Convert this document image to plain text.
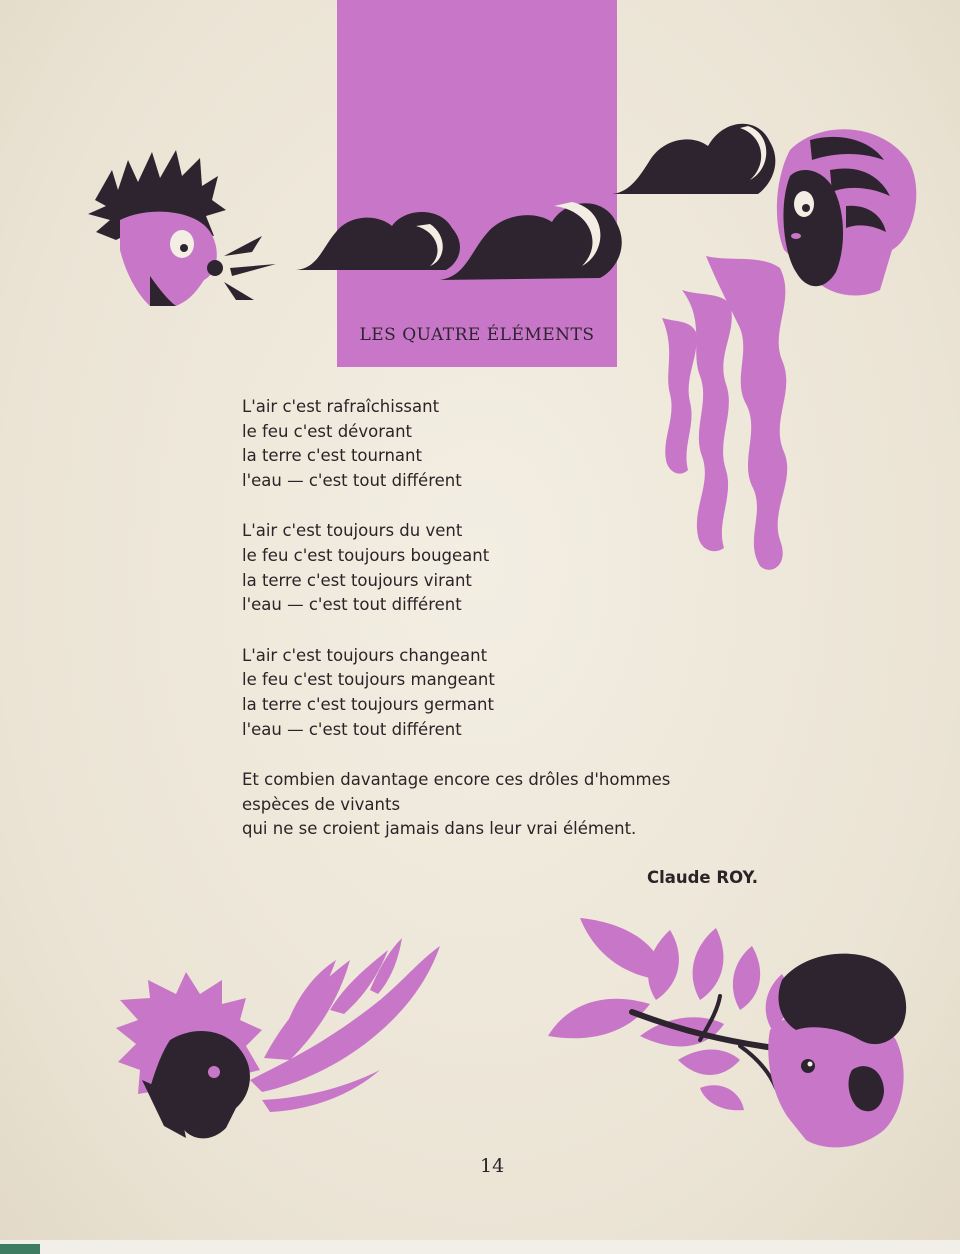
LES QUATRE ÉLÉMENTS
L'air c'est rafraîchissant
le feu c'est dévorant
la terre c'est tournant
l'eau — c'est tout différent
L'air c'est toujours du vent
le feu c'est toujours bougeant
la terre c'est toujours virant
l'eau — c'est tout différent
L'air c'est toujours changeant
le feu c'est toujours mangeant
la terre c'est toujours germant
l'eau — c'est tout différent
Et combien davantage encore ces drôles d'hommes
espèces de vivants
qui ne se croient jamais dans leur vrai élément.
Claude ROY.
14
